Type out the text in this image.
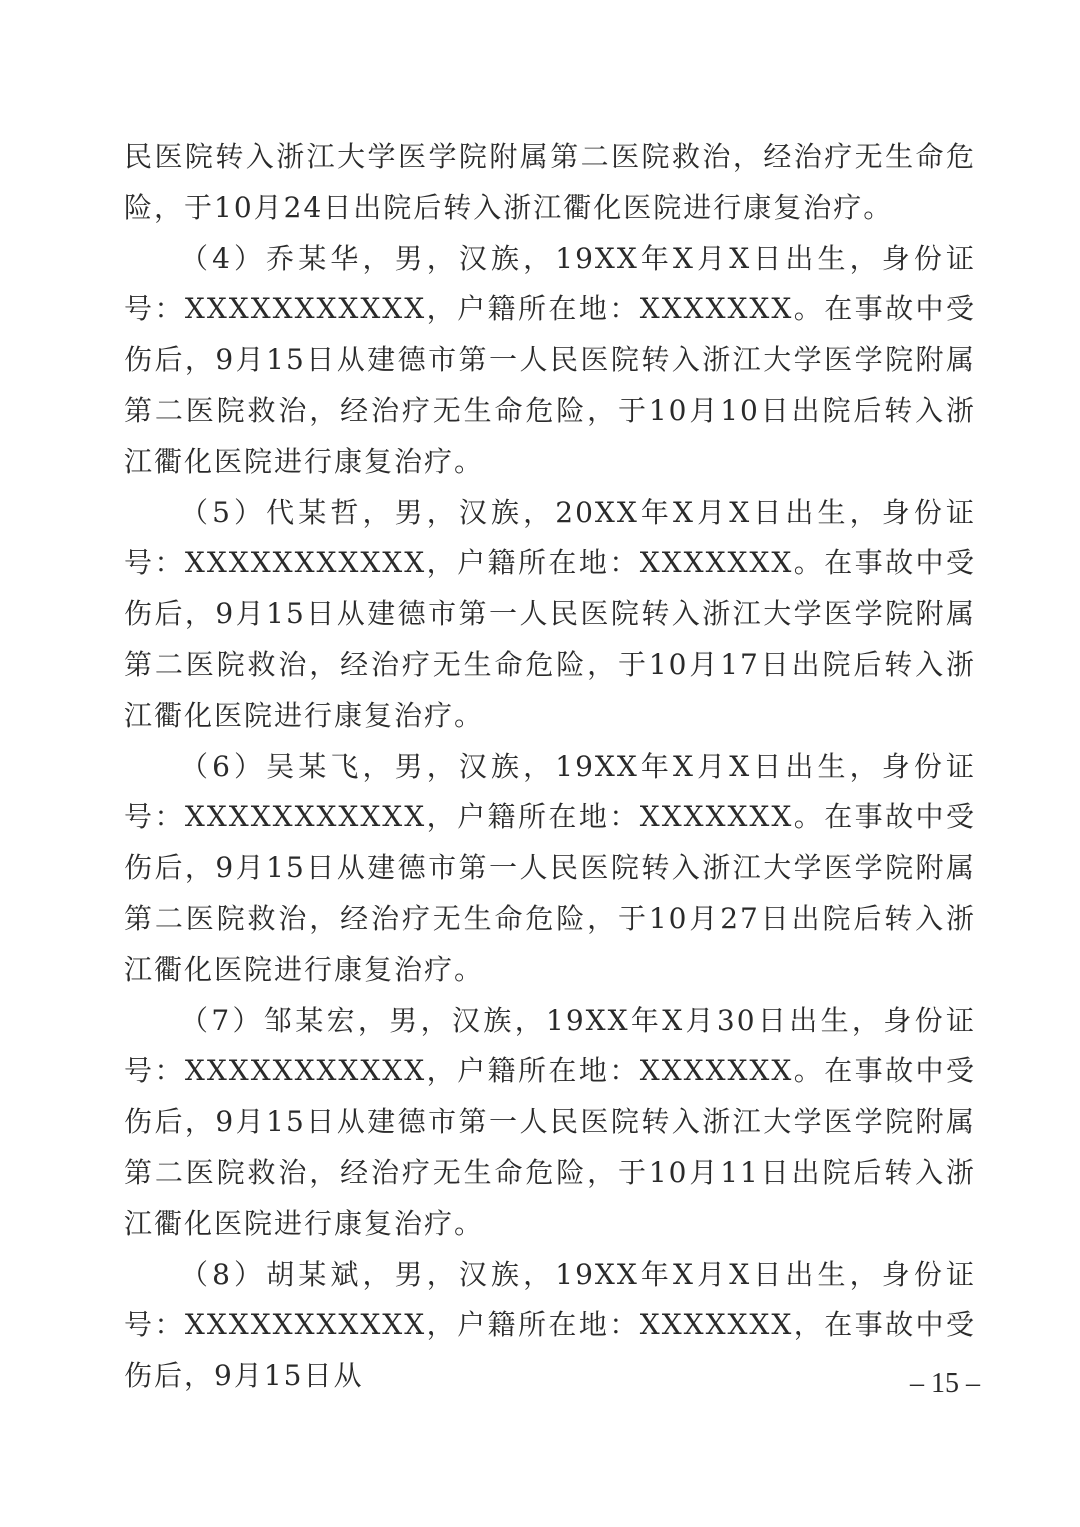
民医院转入浙江大学医学院附属第二医院救治，经治疗无生命危险，于10月24日出院后转入浙江衢化医院进行康复治疗。

（4）乔某华，男，汉族，19XX年X月X日出生，身份证号：XXXXXXXXXXX，户籍所在地：XXXXXXX。在事故中受伤后，9月15日从建德市第一人民医院转入浙江大学医学院附属第二医院救治，经治疗无生命危险，于10月10日出院后转入浙江衢化医院进行康复治疗。

（5）代某哲，男，汉族，20XX年X月X日出生，身份证号：XXXXXXXXXXX，户籍所在地：XXXXXXX。在事故中受伤后，9月15日从建德市第一人民医院转入浙江大学医学院附属第二医院救治，经治疗无生命危险，于10月17日出院后转入浙江衢化医院进行康复治疗。

（6）吴某飞，男，汉族，19XX年X月X日出生，身份证号：XXXXXXXXXXX，户籍所在地：XXXXXXX。在事故中受伤后，9月15日从建德市第一人民医院转入浙江大学医学院附属第二医院救治，经治疗无生命危险，于10月27日出院后转入浙江衢化医院进行康复治疗。

（7）邹某宏，男，汉族，19XX年X月30日出生，身份证号：XXXXXXXXXXX，户籍所在地：XXXXXXX。在事故中受伤后，9月15日从建德市第一人民医院转入浙江大学医学院附属第二医院救治，经治疗无生命危险，于10月11日出院后转入浙江衢化医院进行康复治疗。

（8）胡某斌，男，汉族，19XX年X月X日出生，身份证号：XXXXXXXXXXX，户籍所在地：XXXXXXX，在事故中受伤后，9月15日从	– 15 –
